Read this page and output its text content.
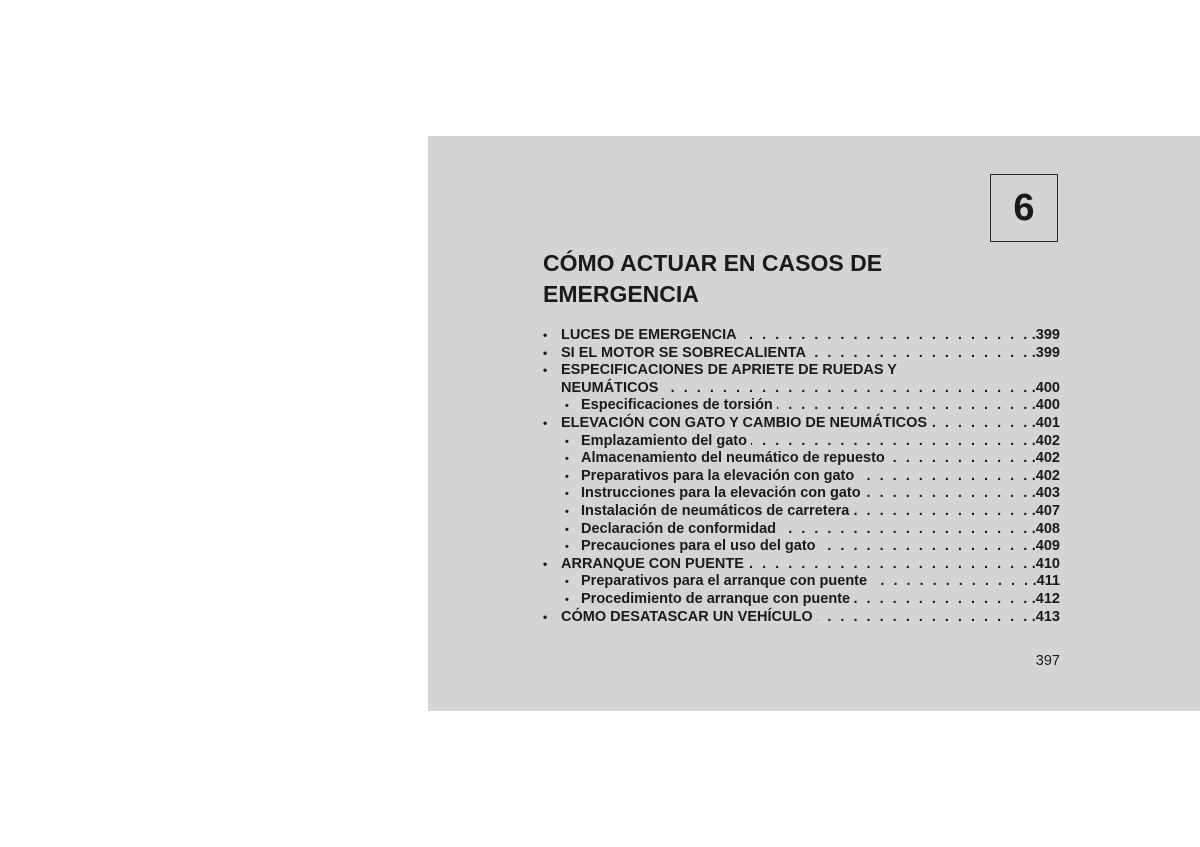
6
CÓMO ACTUAR EN CASOS DE EMERGENCIA
• LUCES DE EMERGENCIA . . .	.399
• SI EL MOTOR SE SOBRECALIENTA . . .	.399
• ESPECIFICACIONES DE APRIETE DE RUEDAS Y
NEUMÁTICOS . . .	.400
• Especificaciones de torsión . . .	.400
• ELEVACIÓN CON GATO Y CAMBIO DE NEUMÁTICOS . . .	.401
• Emplazamiento del gato . . .	.402
• Almacenamiento del neumático de repuesto . . .	.402
• Preparativos para la elevación con gato . . .	.402
• Instrucciones para la elevación con gato . . .	.403
• Instalación de neumáticos de carretera . . .	.407
• Declaración de conformidad . . .	.408
• Precauciones para el uso del gato . . .	.409
• ARRANQUE CON PUENTE . . .	.410
• Preparativos para el arranque con puente . . .	.411
• Procedimiento de arranque con puente . . .	.412
• CÓMO DESATASCAR UN VEHÍCULO . . .	.413
397
